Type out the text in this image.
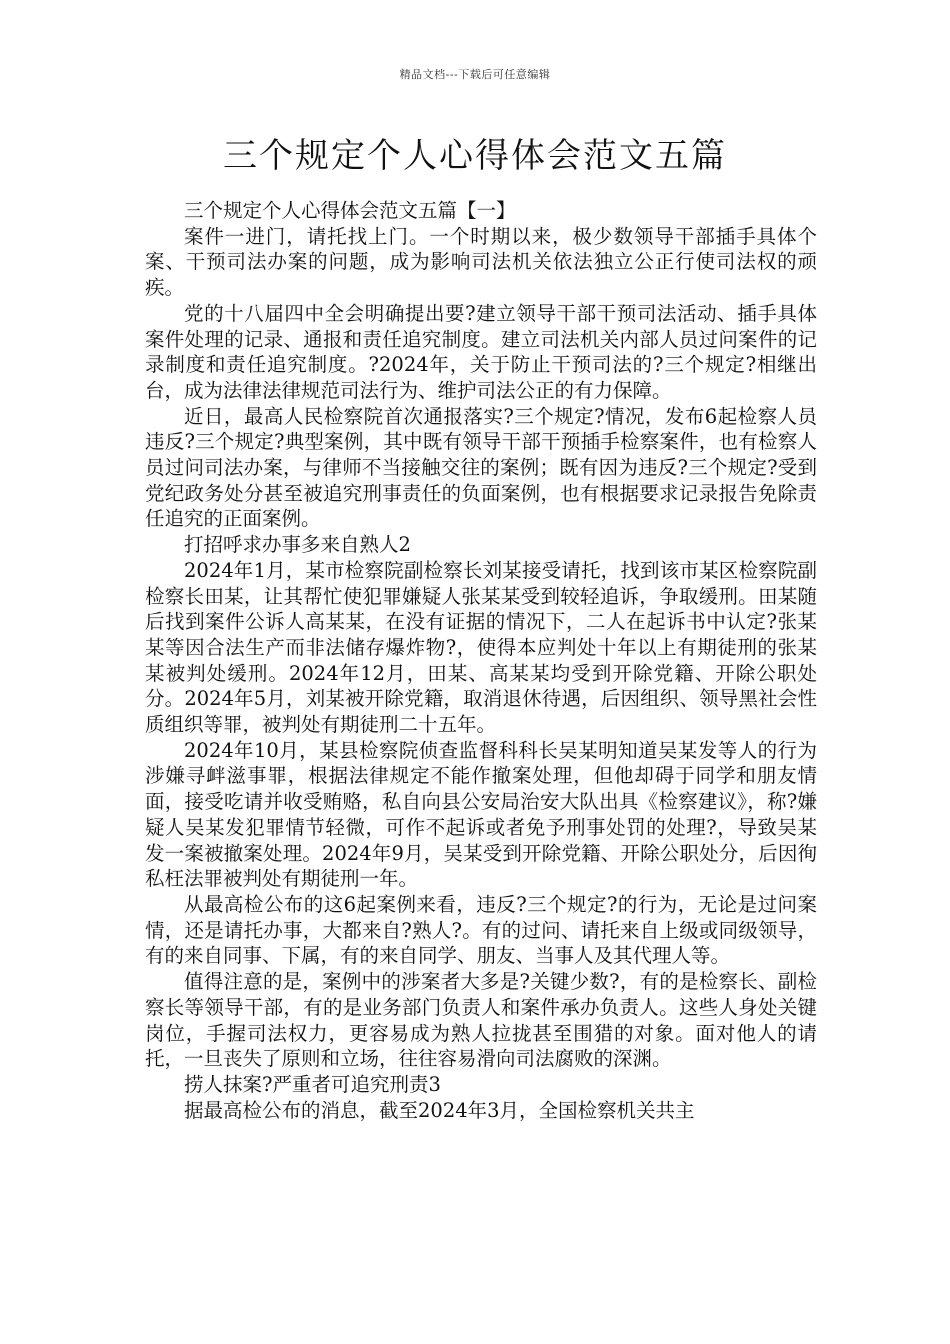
精品文档---下载后可任意编辑
三个规定个人心得体会范文五篇

三个规定个人心得体会范文五篇【一】

案件一进门，请托找上门。一个时期以来，极少数领导干部插手具体个案、干预司法办案的问题，成为影响司法机关依法独立公正行使司法权的顽疾。

党的十八届四中全会明确提出要?建立领导干部干预司法活动、插手具体案件处理的记录、通报和责任追究制度。建立司法机关内部人员过问案件的记录制度和责任追究制度。?2024年，关于防止干预司法的?三个规定?相继出台，成为法律法律规范司法行为、维护司法公正的有力保障。

近日，最高人民检察院首次通报落实?三个规定?情况，发布6起检察人员违反?三个规定?典型案例，其中既有领导干部干预插手检察案件，也有检察人员过问司法办案，与律师不当接触交往的案例；既有因为违反?三个规定?受到党纪政务处分甚至被追究刑事责任的负面案例，也有根据要求记录报告免除责任追究的正面案例。

打招呼求办事多来自熟人2

2024年1月，某市检察院副检察长刘某接受请托，找到该市某区检察院副检察长田某，让其帮忙使犯罪嫌疑人张某某受到较轻追诉，争取缓刑。田某随后找到案件公诉人高某某，在没有证据的情况下，二人在起诉书中认定?张某某等因合法生产而非法储存爆炸物?，使得本应判处十年以上有期徒刑的张某某被判处缓刑。2024年12月，田某、高某某均受到开除党籍、开除公职处分。2024年5月，刘某被开除党籍，取消退休待遇，后因组织、领导黑社会性质组织等罪，被判处有期徒刑二十五年。

2024年10月，某县检察院侦查监督科科长吴某明知道吴某发等人的行为涉嫌寻衅滋事罪，根据法律规定不能作撤案处理，但他却碍于同学和朋友情面，接受吃请并收受贿赂，私自向县公安局治安大队出具《检察建议》，称?嫌疑人吴某发犯罪情节轻微，可作不起诉或者免予刑事处罚的处理?，导致吴某发一案被撤案处理。2024年9月，吴某受到开除党籍、开除公职处分，后因徇私枉法罪被判处有期徒刑一年。

从最高检公布的这6起案例来看，违反?三个规定?的行为，无论是过问案情，还是请托办事，大都来自?熟人?。有的过问、请托来自上级或同级领导，有的来自同事、下属，有的来自同学、朋友、当事人及其代理人等。

值得注意的是，案例中的涉案者大多是?关键少数?，有的是检察长、副检察长等领导干部，有的是业务部门负责人和案件承办负责人。这些人身处关键岗位，手握司法权力，更容易成为熟人拉拢甚至围猎的对象。面对他人的请托，一旦丧失了原则和立场，往往容易滑向司法腐败的深渊。

捞人抹案?严重者可追究刑责3

据最高检公布的消息，截至2024年3月，全国检察机关共主
